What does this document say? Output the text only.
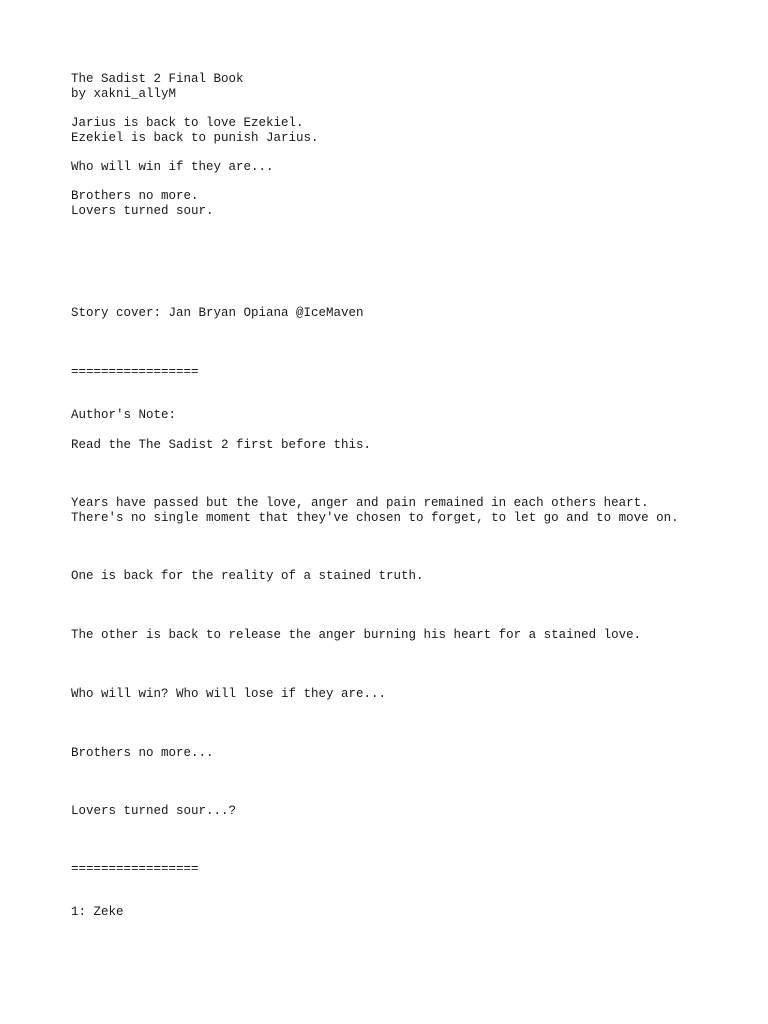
The Sadist 2 Final Book
by xakni_allyM
Jarius is back to love Ezekiel.
Ezekiel is back to punish Jarius.
Who will win if they are...
Brothers no more.
Lovers turned sour.
Story cover: Jan Bryan Opiana @IceMaven
=================
Author's Note:
Read the The Sadist 2 first before this.
Years have passed but the love, anger and pain remained in each others heart.
There's no single moment that they've chosen to forget, to let go and to move on.
One is back for the reality of a stained truth.
The other is back to release the anger burning his heart for a stained love.
Who will win? Who will lose if they are...
Brothers no more...
Lovers turned sour...?
=================
1: Zeke
